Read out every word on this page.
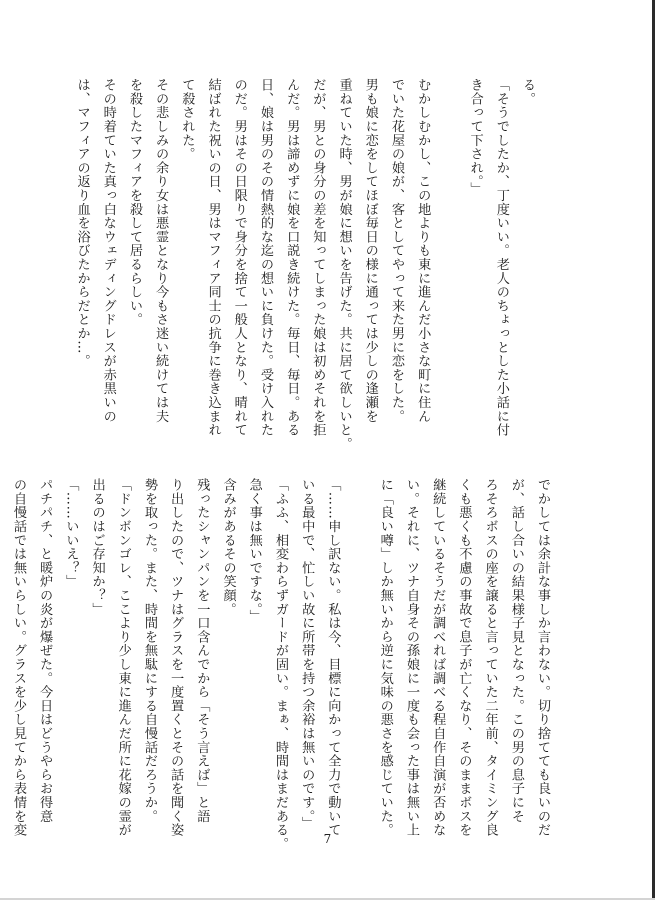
る。
「そうでしたか、丁度いい。老人のちょっとした小話に付
き合って下され。」

むかしむかし、この地よりも東に進んだ小さな町に住ん
でいた花屋の娘が、客としてやって来た男に恋をした。
男も娘に恋をしてほぼ毎日の様に通っては少しの逢瀬を
重ねていた時、男が娘に想いを告げた。共に居て欲しいと。
だが、男との身分の差を知ってしまった娘は初めそれを拒
んだ。男は諦めずに娘を口説き続けた。毎日、毎日。ある
日、娘は男のその情熱的な迄の想いに負けた。受け入れた
のだ。男はその日限りで身分を捨て一般人となり、晴れて
結ばれた祝いの日、男はマフィア同士の抗争に巻き込まれ
て殺された。
その悲しみの余り女は悪霊となり今もさ迷い続けては夫
を殺したマフィアを殺して居るらしい。
その時着ていた真っ白なウェディングドレスが赤黒いの
は、マフィアの返り血を浴びたからだとか…。
でかしては余計な事しか言わない。切り捨てても良いのだ
が、話し合いの結果様子見となった。この男の息子にそ
ろそろボスの座を譲ると言っていた二年前、タイミング良
くも悪くも不慮の事故で息子が亡くなり、そのままボスを
継続しているそうだが調べれば調べる程自作自演が否めな
い。それに、ツナ自身その孫娘に一度も会った事は無い上
に「良い噂」しか無いから逆に気味の悪さを感じていた。

「……申し訳ない。私は今、目標に向かって全力で動いて
いる最中で、忙しい故に所帯を持つ余裕は無いのです。」
「ふふ、相変わらずガードが固い。まぁ、時間はまだある。
急く事は無いですな。」
含みがあるその笑顔。
残ったシャンパンを一口含んでから「そう言えば」と語
り出したので、ツナはグラスを一度置くとその話を聞く姿
勢を取った。また、時間を無駄にする自慢話だろうか。
「ドンボンゴレ、ここより少し東に進んだ所に花嫁の霊が
出るのはご存知か？」
「……いいえ？」
パチパチ、と暖炉の炎が爆ぜた。今日はどうやらお得意
の自慢話では無いらしい。グラスを少し見てから表情を変
7
